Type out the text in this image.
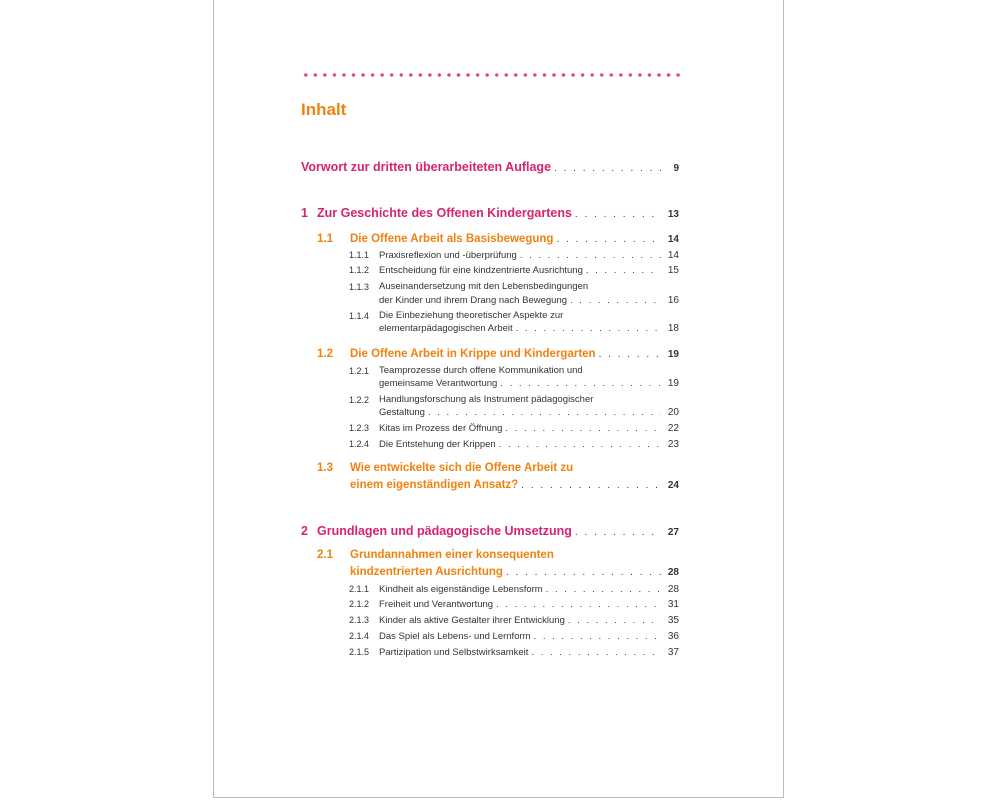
Inhalt
Vorwort zur dritten überarbeiteten Auflage . . .	9
1 Zur Geschichte des Offenen Kindergartens . . .	13
1.1	Die Offene Arbeit als Basisbewegung . . .	14
1.1.1	Praxisreflexion und -überprüfung . . .	14
1.1.2	Entscheidung für eine kindzentrierte Ausrichtung . . .	15
1.1.3 Auseinandersetzung mit den Lebensbedingungen
der Kinder und ihrem Drang nach Bewegung . . .	16
1.1.4 Die Einbeziehung theoretischer Aspekte zur
elementarpädagogischen Arbeit . . .	18
1.2	Die Offene Arbeit in Krippe und Kindergarten . . .	19
1.2.1 Teamprozesse durch offene Kommunikation und
gemeinsame Verantwortung . . .	19
1.2.2 Handlungsforschung als Instrument pädagogischer
Gestaltung . . .	20
1.2.3	Kitas im Prozess der Öffnung . . .	22
1.2.4	Die Entstehung der Krippen . . .	23
1.3 Wie entwickelte sich die Offene Arbeit zu
einem eigenständigen Ansatz? . . .	24
2 Grundlagen und pädagogische Umsetzung . . .	27
2.1 Grundannahmen einer konsequenten
kindzentrierten Ausrichtung . . .	28
2.1.1	Kindheit als eigenständige Lebensform . . .	28
2.1.2	Freiheit und Verantwortung . . .	31
2.1.3	Kinder als aktive Gestalter ihrer Entwicklung . . .	35
2.1.4	Das Spiel als Lebens- und Lernform . . .	36
2.1.5	Partizipation und Selbstwirksamkeit . . .	37
